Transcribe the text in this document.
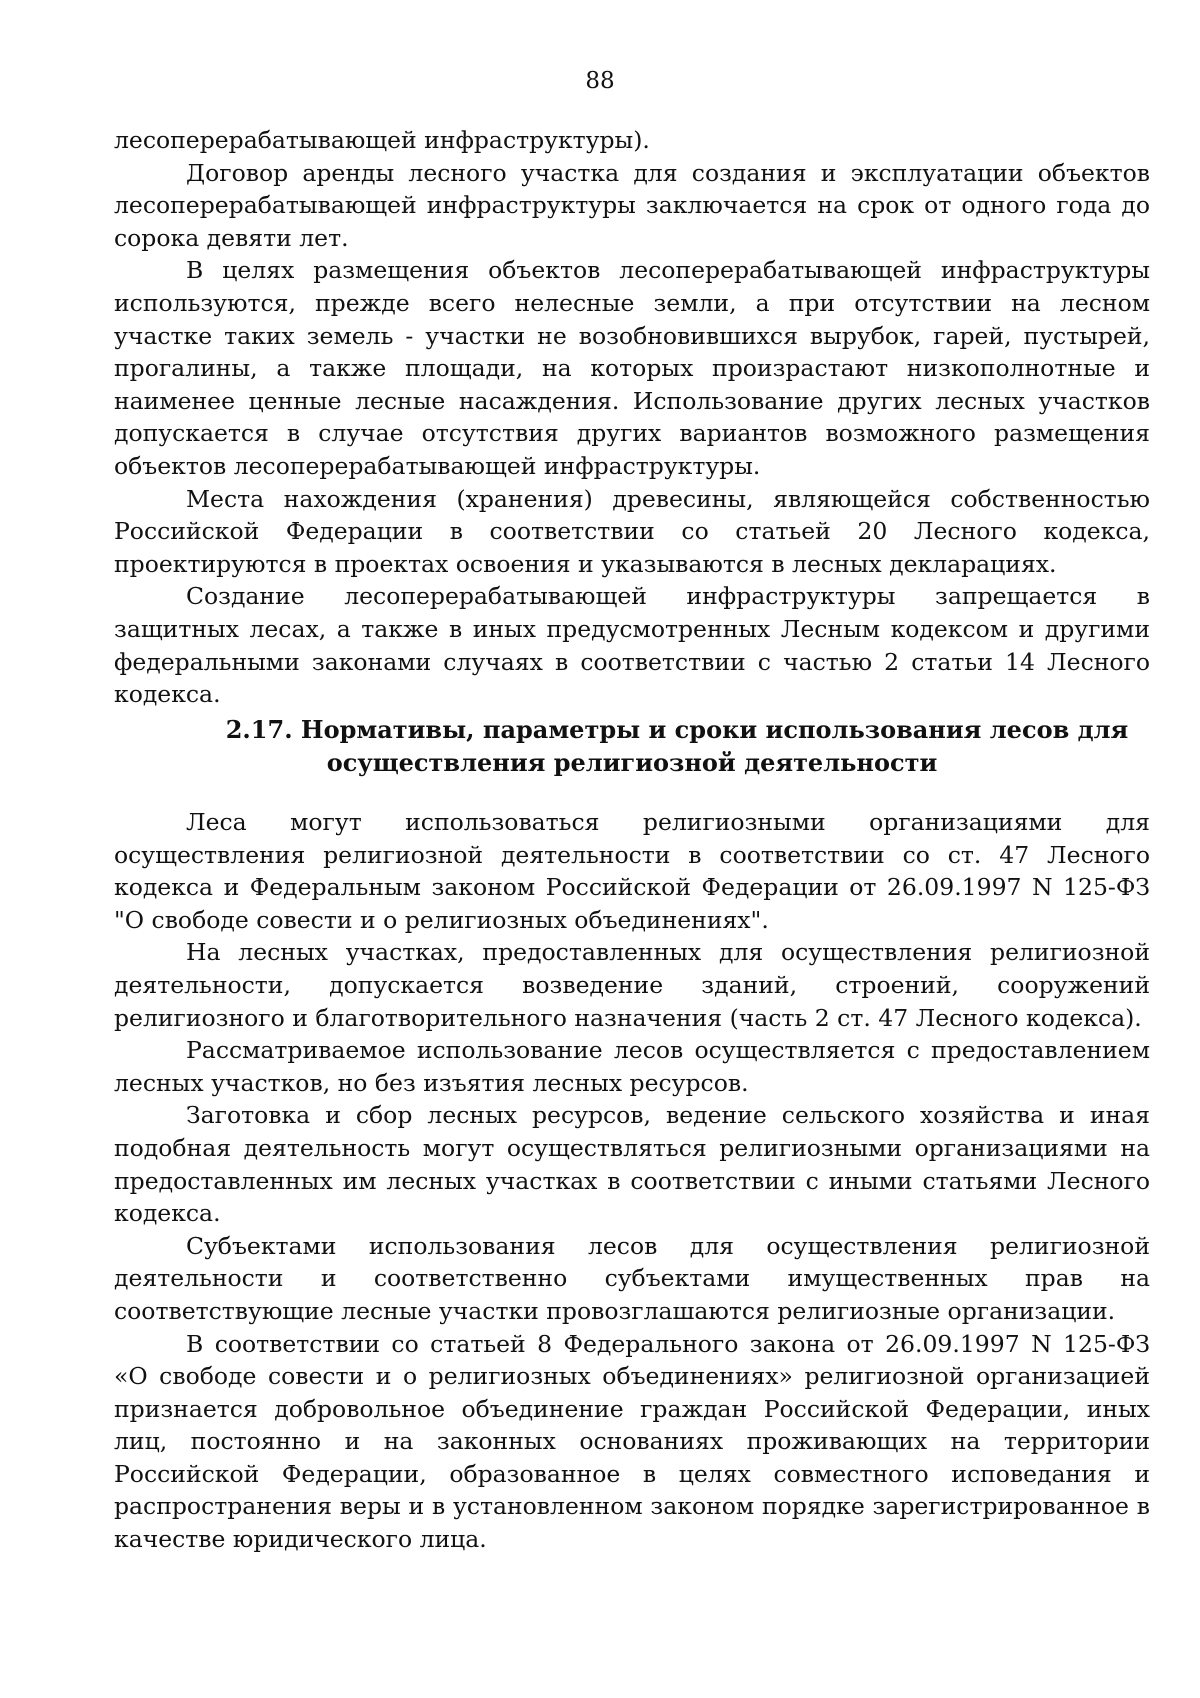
88

лесоперерабатывающей инфраструктуры).

Договор аренды лесного участка для создания и эксплуатации объектов лесоперерабатывающей инфраструктуры заключается на срок от одного года до сорока девяти лет.

В целях размещения объектов лесоперерабатывающей инфраструктуры используются, прежде всего нелесные земли, а при отсутствии на лесном участке таких земель - участки не возобновившихся вырубок, гарей, пустырей, прогалины, а также площади, на которых произрастают низкополнотные и наименее ценные лесные насаждения. Использование других лесных участков допускается в случае отсутствия других вариантов возможного размещения объектов лесоперерабатывающей инфраструктуры.

Места нахождения (хранения) древесины, являющейся собственностью Российской Федерации в соответствии со статьей 20 Лесного кодекса, проектируются в проектах освоения и указываются в лесных декларациях.

Создание лесоперерабатывающей инфраструктуры запрещается в защитных лесах, а также в иных предусмотренных Лесным кодексом и другими федеральными законами случаях в соответствии с частью 2 статьи 14 Лесного кодекса.

2.17. Нормативы, параметры и сроки использования лесов для
осуществления религиозной деятельности

Леса могут использоваться религиозными организациями для осуществления религиозной деятельности в соответствии со ст. 47 Лесного кодекса и Федеральным законом Российской Федерации от 26.09.1997 N 125-ФЗ "О свободе совести и о религиозных объединениях".

На лесных участках, предоставленных для осуществления религиозной деятельности, допускается возведение зданий, строений, сооружений религиозного и благотворительного назначения (часть 2 ст. 47 Лесного кодекса).

Рассматриваемое использование лесов осуществляется с предоставлением лесных участков, но без изъятия лесных ресурсов.

Заготовка и сбор лесных ресурсов, ведение сельского хозяйства и иная подобная деятельность могут осуществляться религиозными организациями на предоставленных им лесных участках в соответствии с иными статьями Лесного кодекса.

Субъектами использования лесов для осуществления религиозной деятельности и соответственно субъектами имущественных прав на соответствующие лесные участки провозглашаются религиозные организации.

В соответствии со статьей 8 Федерального закона от 26.09.1997 N 125-ФЗ «О свободе совести и о религиозных объединениях» религиозной организацией признается добровольное объединение граждан Российской Федерации, иных лиц, постоянно и на законных основаниях проживающих на территории Российской Федерации, образованное в целях совместного исповедания и распространения веры и в установленном законом порядке зарегистрированное в качестве юридического лица.
